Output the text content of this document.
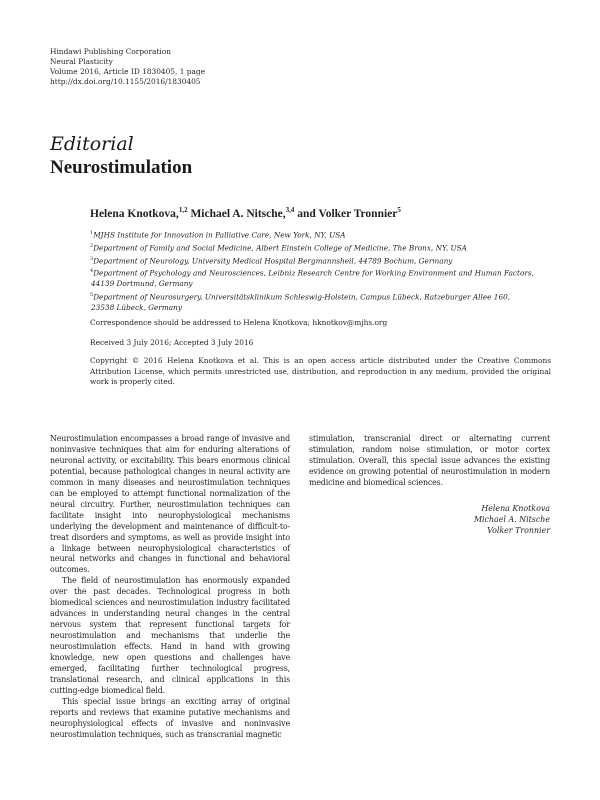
Hindawi Publishing Corporation
Neural Plasticity
Volume 2016, Article ID 1830405, 1 page
http://dx.doi.org/10.1155/2016/1830405
Editorial
Neurostimulation
Helena Knotkova,$^{1,2}$ Michael A. Nitsche,$^{3,4}$ and Volker Tronnier$^5$
$^1$MJHS Institute for Innovation in Palliative Care, New York, NY, USA
$^2$Department of Family and Social Medicine, Albert Einstein College of Medicine, The Bronx, NY, USA
$^3$Department of Neurology, University Medical Hospital Bergmannsheil, 44789 Bochum, Germany
$^4$Department of Psychology and Neurosciences, Leibniz Research Centre for Working Environment and Human Factors,
44139 Dortmund, Germany
$^5$Department of Neurosurgery, Universitätsklinikum Schleswig-Holstein, Campus Lübeck, Ratzeburger Allee 160,
23538 Lübeck, Germany
Correspondence should be addressed to Helena Knotkova; hknotkov@mjhs.org
Received 3 July 2016; Accepted 3 July 2016
Copyright © 2016 Helena Knotkova et al. This is an open access article distributed under the Creative Commons Attribution License, which permits unrestricted use, distribution, and reproduction in any medium, provided the original work is properly cited.

Neurostimulation encompasses a broad range of invasive and noninvasive techniques that aim for enduring alterations of neuronal activity, or excitability. This bears enormous clinical potential, because pathological changes in neural activity are common in many diseases and neurostimulation techniques can be employed to attempt functional normalization of the neural circuitry. Further, neurostimulation techniques can facilitate insight into neurophysiological mechanisms underlying the development and maintenance of difficult-to-treat disorders and symptoms, as well as provide insight into a linkage between neurophysiological characteristics of neural networks and changes in functional and behavioral outcomes.

The field of neurostimulation has enormously expanded over the past decades. Technological progress in both biomedical sciences and neurostimulation industry facilitated advances in understanding neural changes in the central nervous system that represent functional targets for neurostimulation and mechanisms that underlie the neurostimulation effects. Hand in hand with growing knowledge, new open questions and challenges have emerged, facilitating further technological progress, translational research, and clinical applications in this cutting-edge biomedical field.

This special issue brings an exciting array of original reports and reviews that examine putative mechanisms and neurophysiological effects of invasive and noninvasive neurostimulation techniques, such as transcranial magnetic

stimulation, transcranial direct or alternating current stimulation, random noise stimulation, or motor cortex stimulation. Overall, this special issue advances the existing evidence on growing potential of neurostimulation in modern medicine and biomedical sciences.

Helena Knotkova
Michael A. Nitsche
Volker Tronnier
